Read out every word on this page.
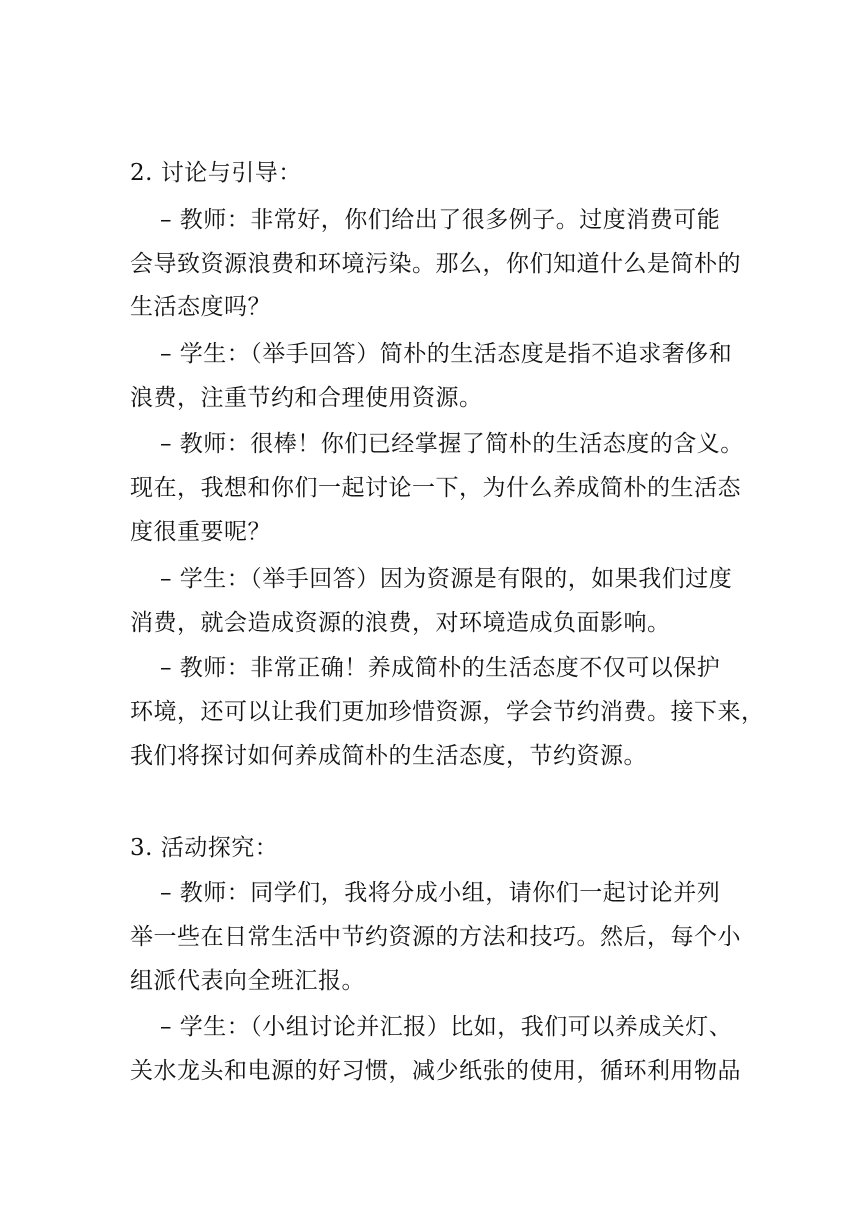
2. 讨论与引导：
– 教师：非常好，你们给出了很多例子。过度消费可能
会导致资源浪费和环境污染。那么，你们知道什么是简朴的
生活态度吗？
– 学生：（举手回答）简朴的生活态度是指不追求奢侈和
浪费，注重节约和合理使用资源。
– 教师：很棒！你们已经掌握了简朴的生活态度的含义。
现在，我想和你们一起讨论一下，为什么养成简朴的生活态
度很重要呢？
– 学生：（举手回答）因为资源是有限的，如果我们过度
消费，就会造成资源的浪费，对环境造成负面影响。
– 教师：非常正确！养成简朴的生活态度不仅可以保护
环境，还可以让我们更加珍惜资源，学会节约消费。接下来，
我们将探讨如何养成简朴的生活态度，节约资源。
3. 活动探究：
– 教师：同学们，我将分成小组，请你们一起讨论并列
举一些在日常生活中节约资源的方法和技巧。然后，每个小
组派代表向全班汇报。
– 学生：（小组讨论并汇报）比如，我们可以养成关灯、
关水龙头和电源的好习惯，减少纸张的使用，循环利用物品
